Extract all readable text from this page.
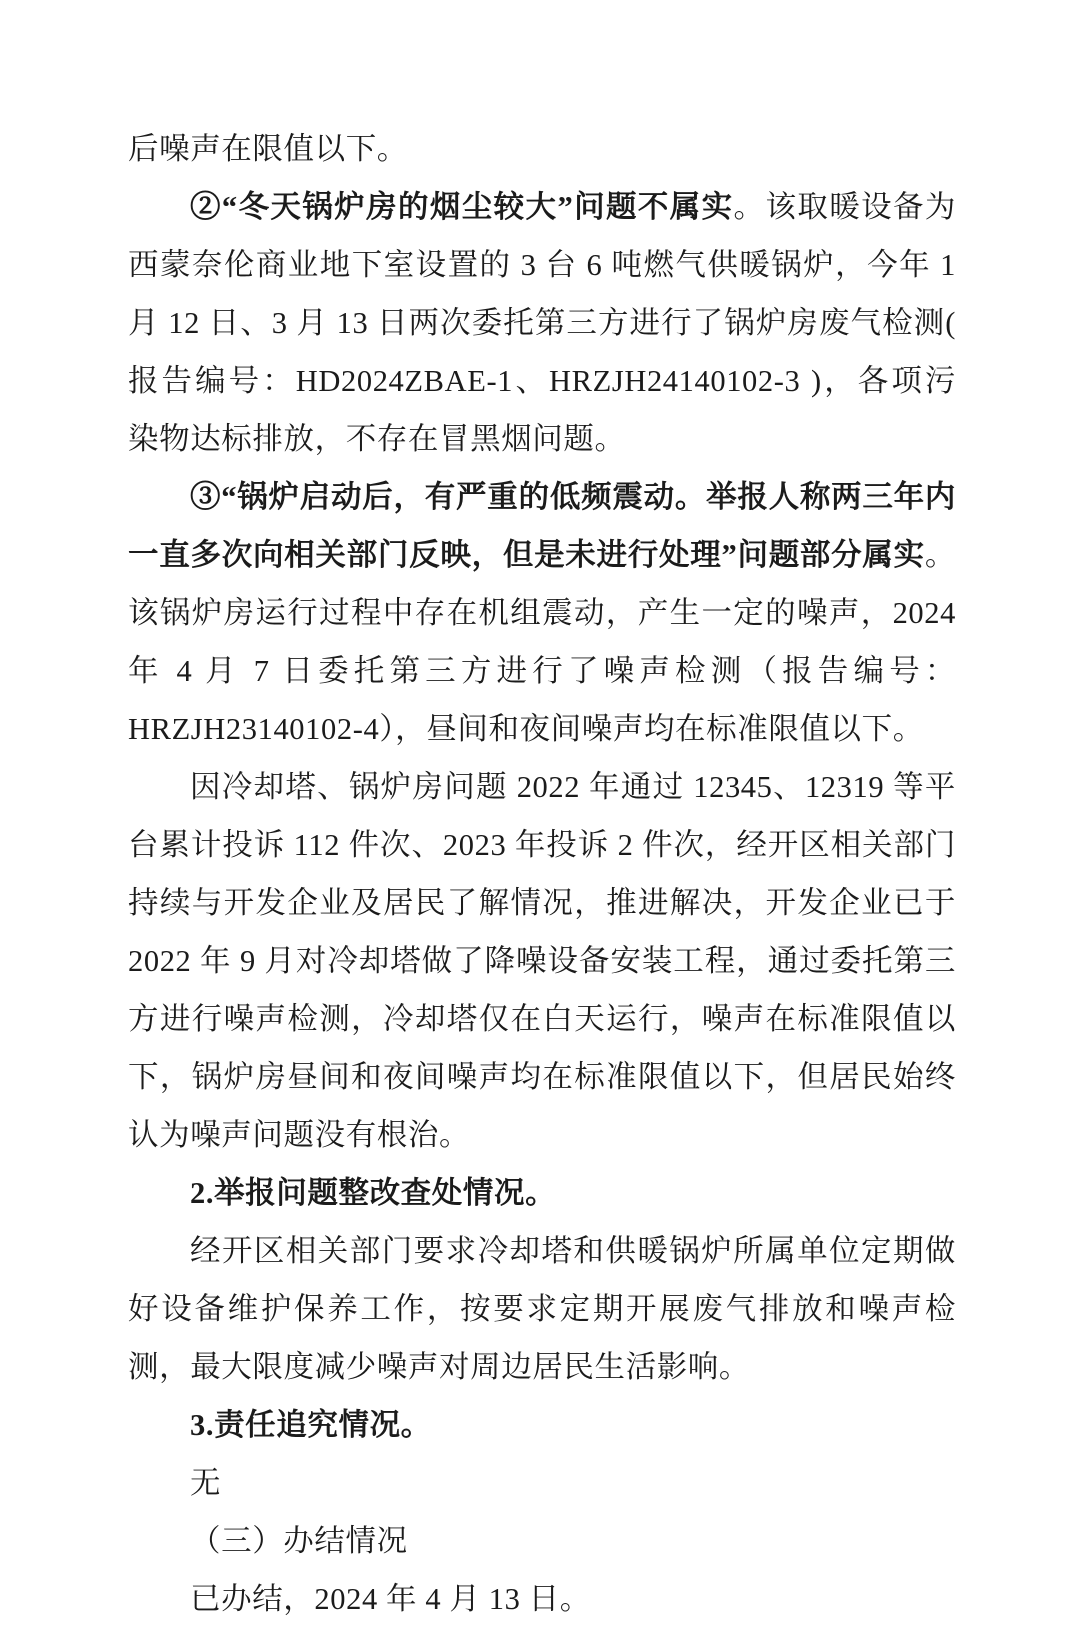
后噪声在限值以下。

②“冬天锅炉房的烟尘较大”问题不属实。该取暖设备为西蒙奈伦商业地下室设置的 3 台 6 吨燃气供暖锅炉，今年 1 月 12 日、3 月 13 日两次委托第三方进行了锅炉房废气检测( 报告编号：HD2024ZBAE-1、HRZJH24140102-3 )，各项污染物达标排放，不存在冒黑烟问题。

③“锅炉启动后，有严重的低频震动。举报人称两三年内一直多次向相关部门反映，但是未进行处理”问题部分属实。该锅炉房运行过程中存在机组震动，产生一定的噪声，2024 年 4 月 7 日委托第三方进行了噪声检测（报告编号：HRZJH23140102-4），昼间和夜间噪声均在标准限值以下。

因冷却塔、锅炉房问题 2022 年通过 12345、12319 等平台累计投诉 112 件次、2023 年投诉 2 件次，经开区相关部门持续与开发企业及居民了解情况，推进解决，开发企业已于 2022 年 9 月对冷却塔做了降噪设备安装工程，通过委托第三方进行噪声检测，冷却塔仅在白天运行，噪声在标准限值以下，锅炉房昼间和夜间噪声均在标准限值以下，但居民始终认为噪声问题没有根治。

2.举报问题整改查处情况。

经开区相关部门要求冷却塔和供暖锅炉所属单位定期做好设备维护保养工作，按要求定期开展废气排放和噪声检测，最大限度减少噪声对周边居民生活影响。

3.责任追究情况。

无

（三）办结情况

已办结，2024 年 4 月 13 日。
